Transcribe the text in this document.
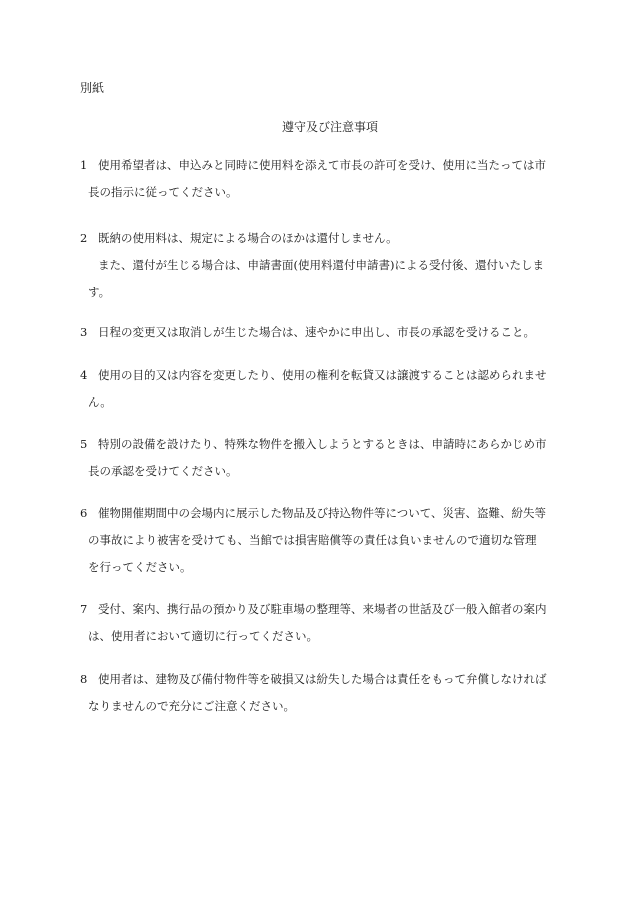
別紙
遵守及び注意事項
1 使用希望者は、申込みと同時に使用料を添えて市長の許可を受け、使用に当たっては市
長の指示に従ってください。
2 既納の使用料は、規定による場合のほかは還付しません。
また、還付が生じる場合は、申請書面(使用料還付申請書)による受付後、還付いたしま
す。
3 日程の変更又は取消しが生じた場合は、速やかに申出し、市長の承認を受けること。
4 使用の目的又は内容を変更したり、使用の権利を転貸又は譲渡することは認められませ
ん。
5 特別の設備を設けたり、特殊な物件を搬入しようとするときは、申請時にあらかじめ市
長の承認を受けてください。
6 催物開催期間中の会場内に展示した物品及び持込物件等について、災害、盗難、紛失等
の事故により被害を受けても、当館では損害賠償等の責任は負いませんので適切な管理
を行ってください。
7 受付、案内、携行品の預かり及び駐車場の整理等、来場者の世話及び一般入館者の案内
は、使用者において適切に行ってください。
8 使用者は、建物及び備付物件等を破損又は紛失した場合は責任をもって弁償しなければ
なりませんので充分にご注意ください。
